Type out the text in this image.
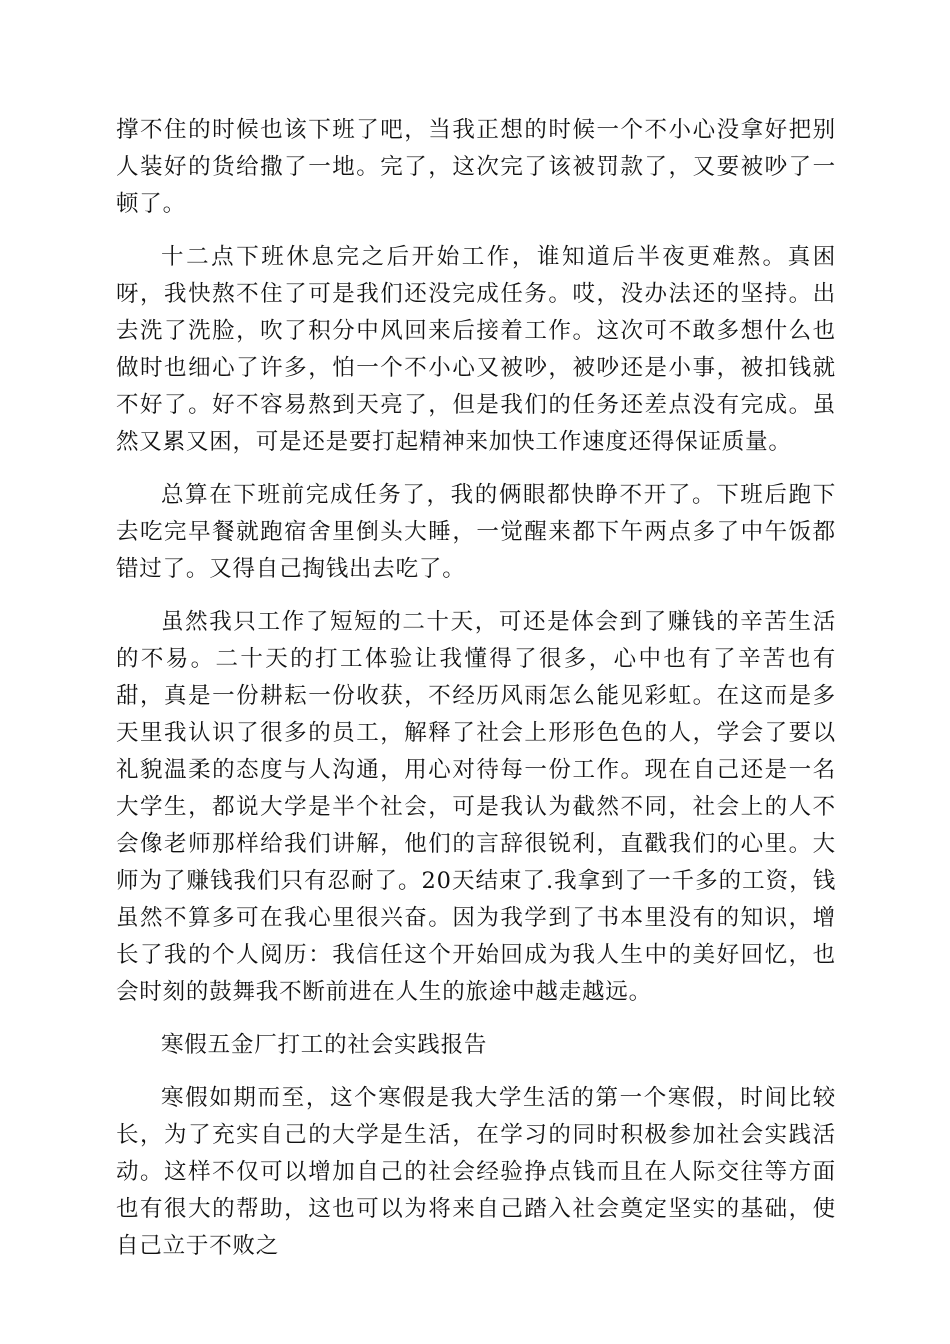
撑不住的时候也该下班了吧，当我正想的时候一个不小心没拿好把别人装好的货给撒了一地。完了，这次完了该被罚款了，又要被吵了一顿了。

十二点下班休息完之后开始工作，谁知道后半夜更难熬。真困呀，我快熬不住了可是我们还没完成任务。哎，没办法还的坚持。出去洗了洗脸，吹了积分中风回来后接着工作。这次可不敢多想什么也做时也细心了许多，怕一个不小心又被吵，被吵还是小事，被扣钱就不好了。好不容易熬到天亮了，但是我们的任务还差点没有完成。虽然又累又困，可是还是要打起精神来加快工作速度还得保证质量。

总算在下班前完成任务了，我的俩眼都快睁不开了。下班后跑下去吃完早餐就跑宿舍里倒头大睡，一觉醒来都下午两点多了中午饭都错过了。又得自己掏钱出去吃了。

虽然我只工作了短短的二十天，可还是体会到了赚钱的辛苦生活的不易。二十天的打工体验让我懂得了很多，心中也有了辛苦也有甜，真是一份耕耘一份收获，不经历风雨怎么能见彩虹。在这而是多天里我认识了很多的员工，解释了社会上形形色色的人，学会了要以礼貌温柔的态度与人沟通，用心对待每一份工作。现在自己还是一名大学生，都说大学是半个社会，可是我认为截然不同，社会上的人不会像老师那样给我们讲解，他们的言辞很锐利，直戳我们的心里。大师为了赚钱我们只有忍耐了。20天结束了.我拿到了一千多的工资，钱虽然不算多可在我心里很兴奋。因为我学到了书本里没有的知识，增长了我的个人阅历：我信任这个开始回成为我人生中的美好回忆，也会时刻的鼓舞我不断前进在人生的旅途中越走越远。

寒假五金厂打工的社会实践报告

寒假如期而至，这个寒假是我大学生活的第一个寒假，时间比较长，为了充实自己的大学是生活，在学习的同时积极参加社会实践活动。这样不仅可以增加自己的社会经验挣点钱而且在人际交往等方面也有很大的帮助，这也可以为将来自己踏入社会奠定坚实的基础，使自己立于不败之
